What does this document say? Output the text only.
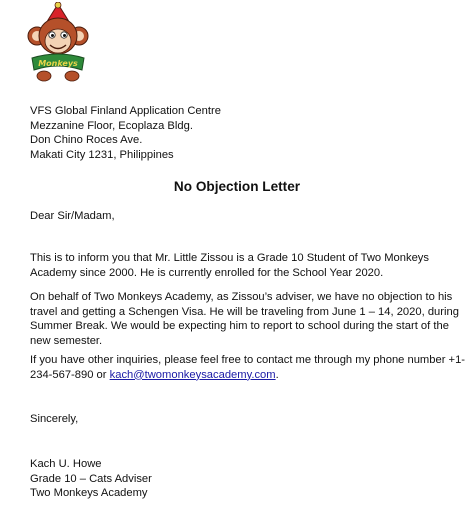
Monkeys
VFS Global Finland Application Centre
Mezzanine Floor, Ecoplaza Bldg.
Don Chino Roces Ave.
Makati City 1231, Philippines
No Objection Letter
Dear Sir/Madam,
This is to inform you that Mr. Little Zissou is a Grade 10 Student of Two Monkeys
Academy since 2000. He is currently enrolled for the School Year 2020.
On behalf of Two Monkeys Academy, as Zissou’s adviser, we have no objection to his
travel and getting a Schengen Visa. He will be traveling from June 1 – 14, 2020, during
Summer Break. We would be expecting him to report to school during the start of the
new semester.
If you have other inquiries, please feel free to contact me through my phone number +1-
234-567-890 or kach@twomonkeysacademy.com.
Sincerely,
Kach U. Howe
Grade 10 – Cats Adviser
Two Monkeys Academy
